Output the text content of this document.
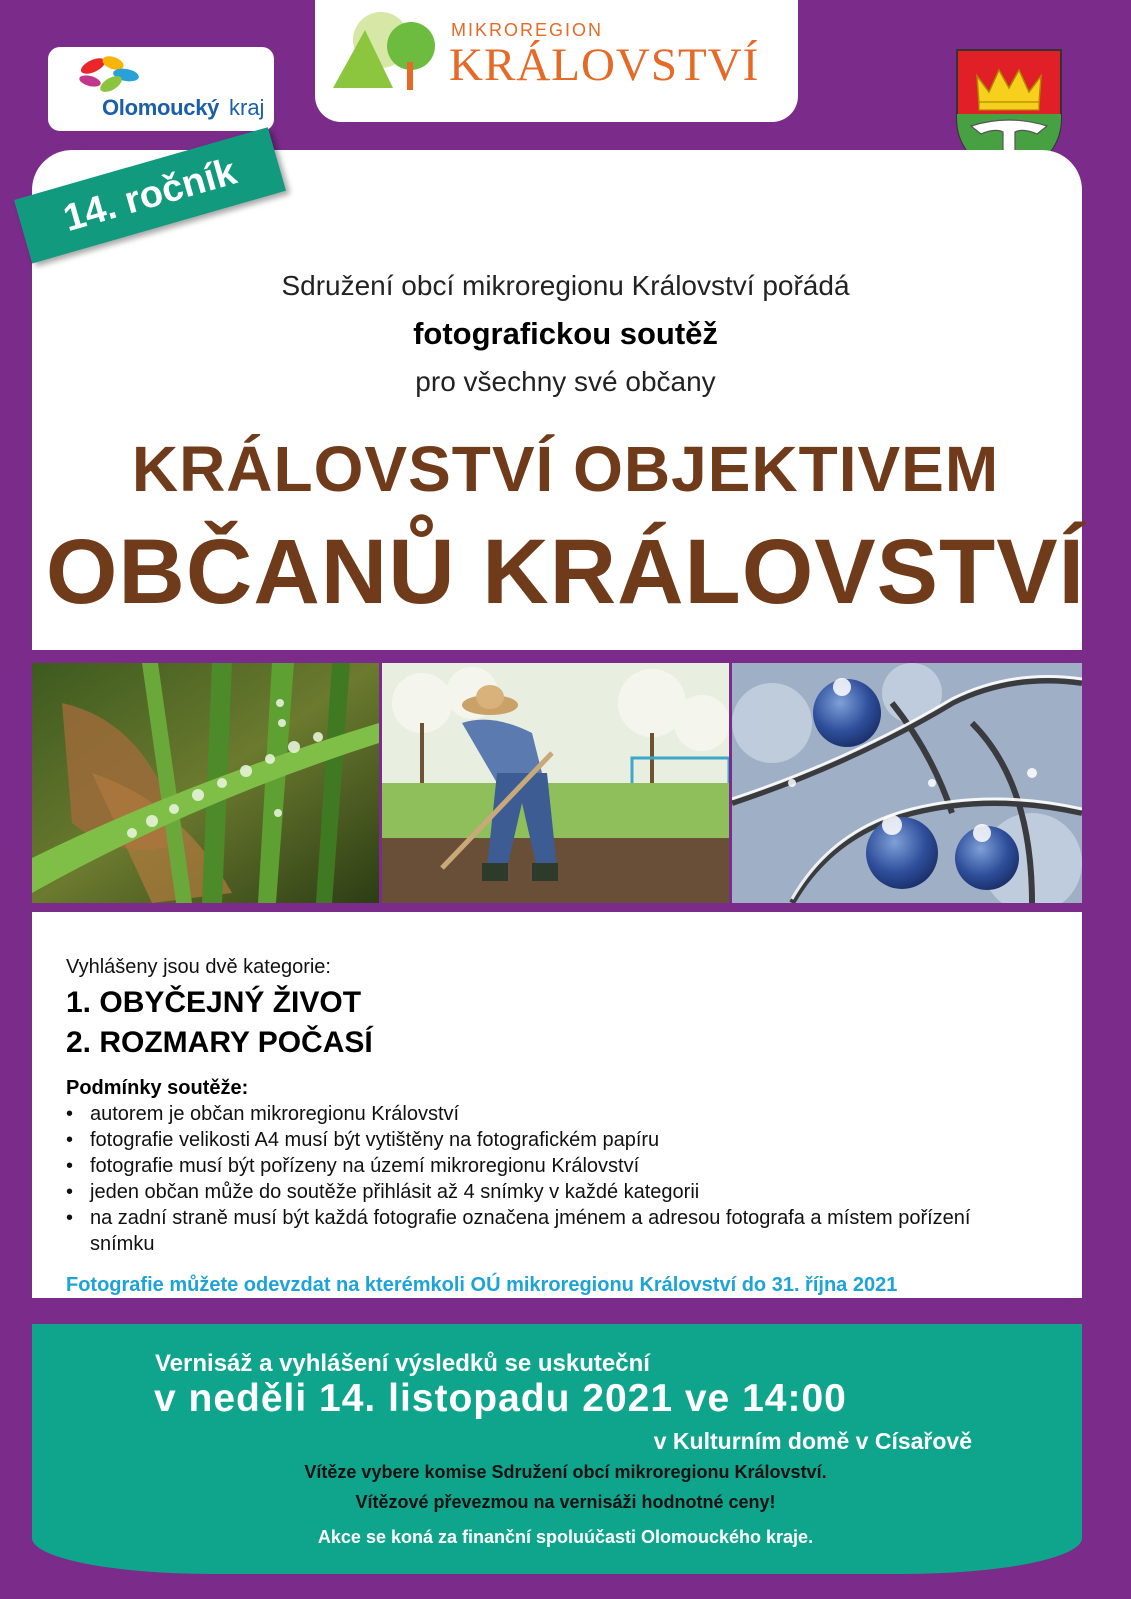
Olomoucký kraj
MIKROREGION
KRÁLOVSTVÍ
14. ročník
Sdružení obcí mikroregionu Království pořádá
fotografickou soutěž
pro všechny své občany
KRÁLOVSTVÍ OBJEKTIVEM
OBČANŮ KRÁLOVSTVÍ
Vyhlášeny jsou dvě kategorie:
1. OBYČEJNÝ ŽIVOT
2. ROZMARY POČASÍ
Podmínky soutěže:
• autorem je občan mikroregionu Království
• fotografie velikosti A4 musí být vytištěny na fotografickém papíru
• fotografie musí být pořízeny na území mikroregionu Království
• jeden občan může do soutěže přihlásit až 4 snímky v každé kategorii
• na zadní straně musí být každá fotografie označena jménem a adresou fotografa a místem pořízení snímku
Fotografie můžete odevzdat na kterémkoli OÚ mikroregionu Království do 31. října 2021
Vernisáž a vyhlášení výsledků se uskuteční
v neděli 14. listopadu 2021 ve 14:00
v Kulturním domě v Císařově
Vítěze vybere komise Sdružení obcí mikroregionu Království.
Vítězové převezmou na vernisáži hodnotné ceny!
Akce se koná za finanční spoluúčasti Olomouckého kraje.
